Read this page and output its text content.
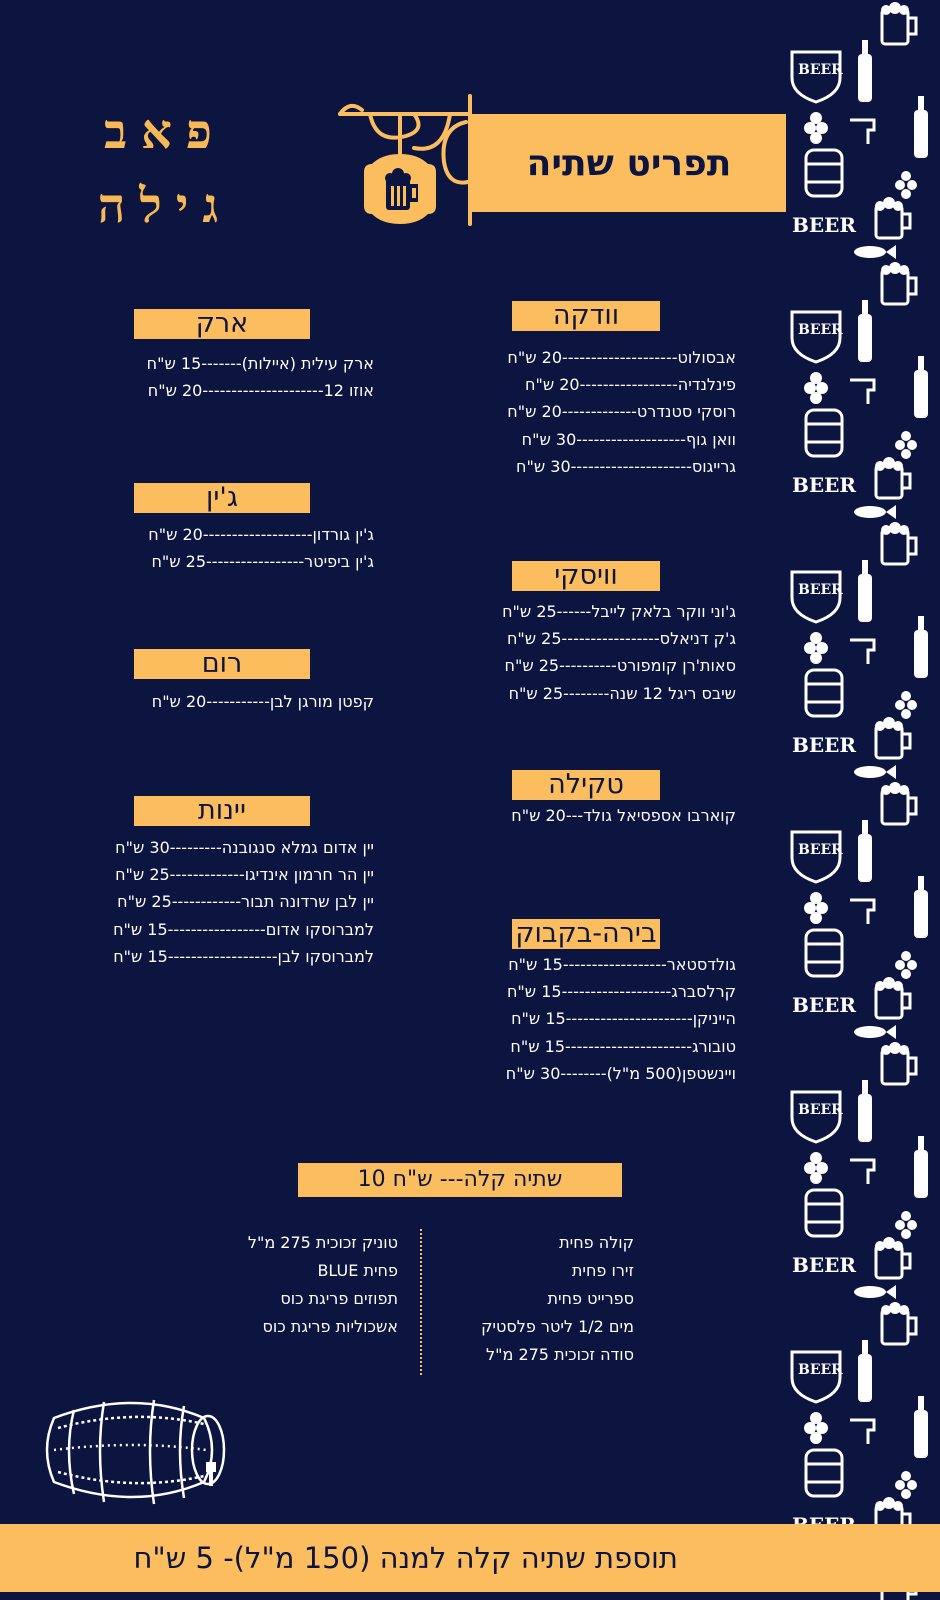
פאב
גילה
תפריט שתיה
וודקה
אבסולוט--------------------20 ש"ח
פינלנדיה-----------------20 ש"ח
רוסקי סטנדרט-------------20 ש"ח
וואן גוף-------------------30 ש"ח
גרייגוס---------------------30 ש"ח
וויסקי
ג'וני ווקר בלאק לייבל------25 ש"ח
ג'ק דניאלס-----------------25 ש"ח
סאות'רן קומפורט----------25 ש"ח
שיבס ריגל 12 שנה--------25 ש"ח
טקילה
קוארבו אספסיאל גולד---20 ש"ח
בירה-בקבוק
גולדסטאר------------------15 ש"ח
קרלסברג-------------------15 ש"ח
הייניקן----------------------15 ש"ח
טובורג----------------------15 ש"ח
ויינשטפן(500 מ"ל)--------30 ש"ח
ארק
ארק עילית (איילות)-------15 ש"ח
אוזו 12---------------------20 ש"ח
ג'ין
ג'ין גורדון-------------------20 ש"ח
ג'ין ביפיטר-----------------25 ש"ח
רום
קפטן מורגן לבן-----------20 ש"ח
יינות
יין אדום גמלא סנגובנה---------30 ש"ח
יין הר חרמון אינדיגו-------------25 ש"ח
יין לבן שרדונה תבור------------25 ש"ח
למברוסקו אדום-----------------15 ש"ח
למברוסקו לבן-------------------15 ש"ח
שתיה קלה--- ש"ח 10
קולה פחית
זירו פחית
ספרייט פחית
מים 1/2 ליטר פלסטיק
סודה זכוכית 275 מ"ל
טוניק זכוכית 275 מ"ל
פחית BLUE
תפוזים פריגת כוס
אשכוליות פריגת כוס
תוספת שתיה קלה למנה (150 מ"ל)- 5 ש"ח
